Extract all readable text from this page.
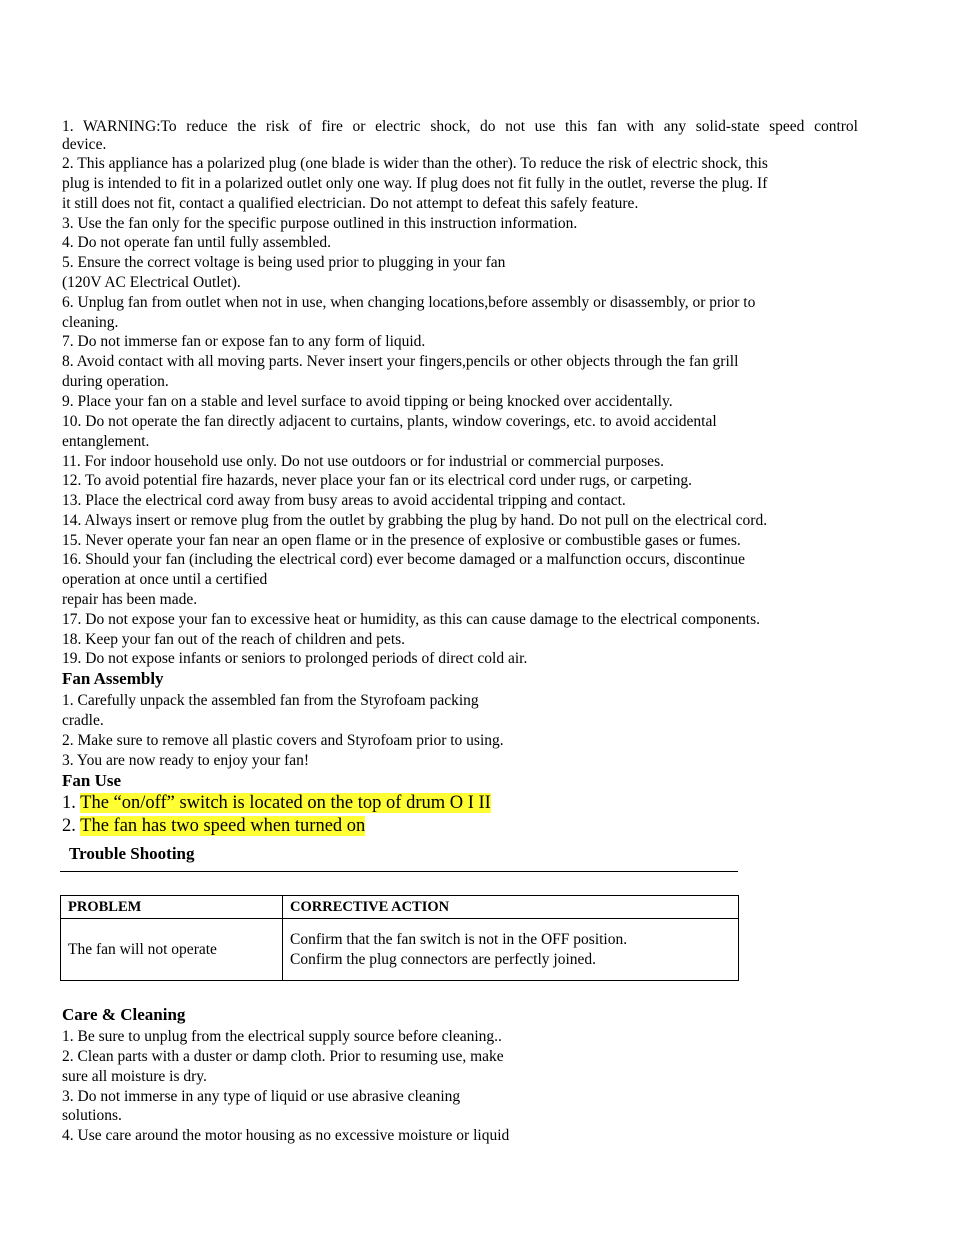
1. WARNING:To reduce the risk of fire or electric shock, do not use this fan with any solid-state speed control
device.
2. This appliance has a polarized plug (one blade is wider than the other). To reduce the risk of electric shock, this
plug is intended to fit in a polarized outlet only one way. If plug does not fit fully in the outlet, reverse the plug. If
it still does not fit, contact a qualified electrician. Do not attempt to defeat this safely feature.
3. Use the fan only for the specific purpose outlined in this instruction information.
4. Do not operate fan until fully assembled.
5. Ensure the correct voltage is being used prior to plugging in your fan
(120V AC Electrical Outlet).
6. Unplug fan from outlet when not in use, when changing locations,before assembly or disassembly, or prior to
cleaning.
7. Do not immerse fan or expose fan to any form of liquid.
8. Avoid contact with all moving parts. Never insert your fingers,pencils or other objects through the fan grill
during operation.
9. Place your fan on a stable and level surface to avoid tipping or being knocked over accidentally.
10. Do not operate the fan directly adjacent to curtains, plants, window coverings, etc. to avoid accidental
entanglement.
11. For indoor household use only. Do not use outdoors or for industrial or commercial purposes.
12. To avoid potential fire hazards, never place your fan or its electrical cord under rugs, or carpeting.
13. Place the electrical cord away from busy areas to avoid accidental tripping and contact.
14. Always insert or remove plug from the outlet by grabbing the plug by hand. Do not pull on the electrical cord.
15. Never operate your fan near an open flame or in the presence of explosive or combustible gases or fumes.
16. Should your fan (including the electrical cord) ever become damaged or a malfunction occurs, discontinue
operation at once until a certified
repair has been made.
17. Do not expose your fan to excessive heat or humidity, as this can cause damage to the electrical components.
18. Keep your fan out of the reach of children and pets.
19. Do not expose infants or seniors to prolonged periods of direct cold air.
Fan Assembly
1. Carefully unpack the assembled fan from the Styrofoam packing
cradle.
2. Make sure to remove all plastic covers and Styrofoam prior to using.
3. You are now ready to enjoy your fan!
Fan Use
1. The “on/off” switch is located on the top of drum O I II
2. The fan has two speed when turned on
Trouble Shooting
PROBLEM	CORRECTIVE ACTION
The fan will not operate	Confirm that the fan switch is not in the OFF position.
Confirm the plug connectors are perfectly joined.
Care & Cleaning
1. Be sure to unplug from the electrical supply source before cleaning..
2. Clean parts with a duster or damp cloth. Prior to resuming use, make
sure all moisture is dry.
3. Do not immerse in any type of liquid or use abrasive cleaning
solutions.
4. Use care around the motor housing as no excessive moisture or liquid
